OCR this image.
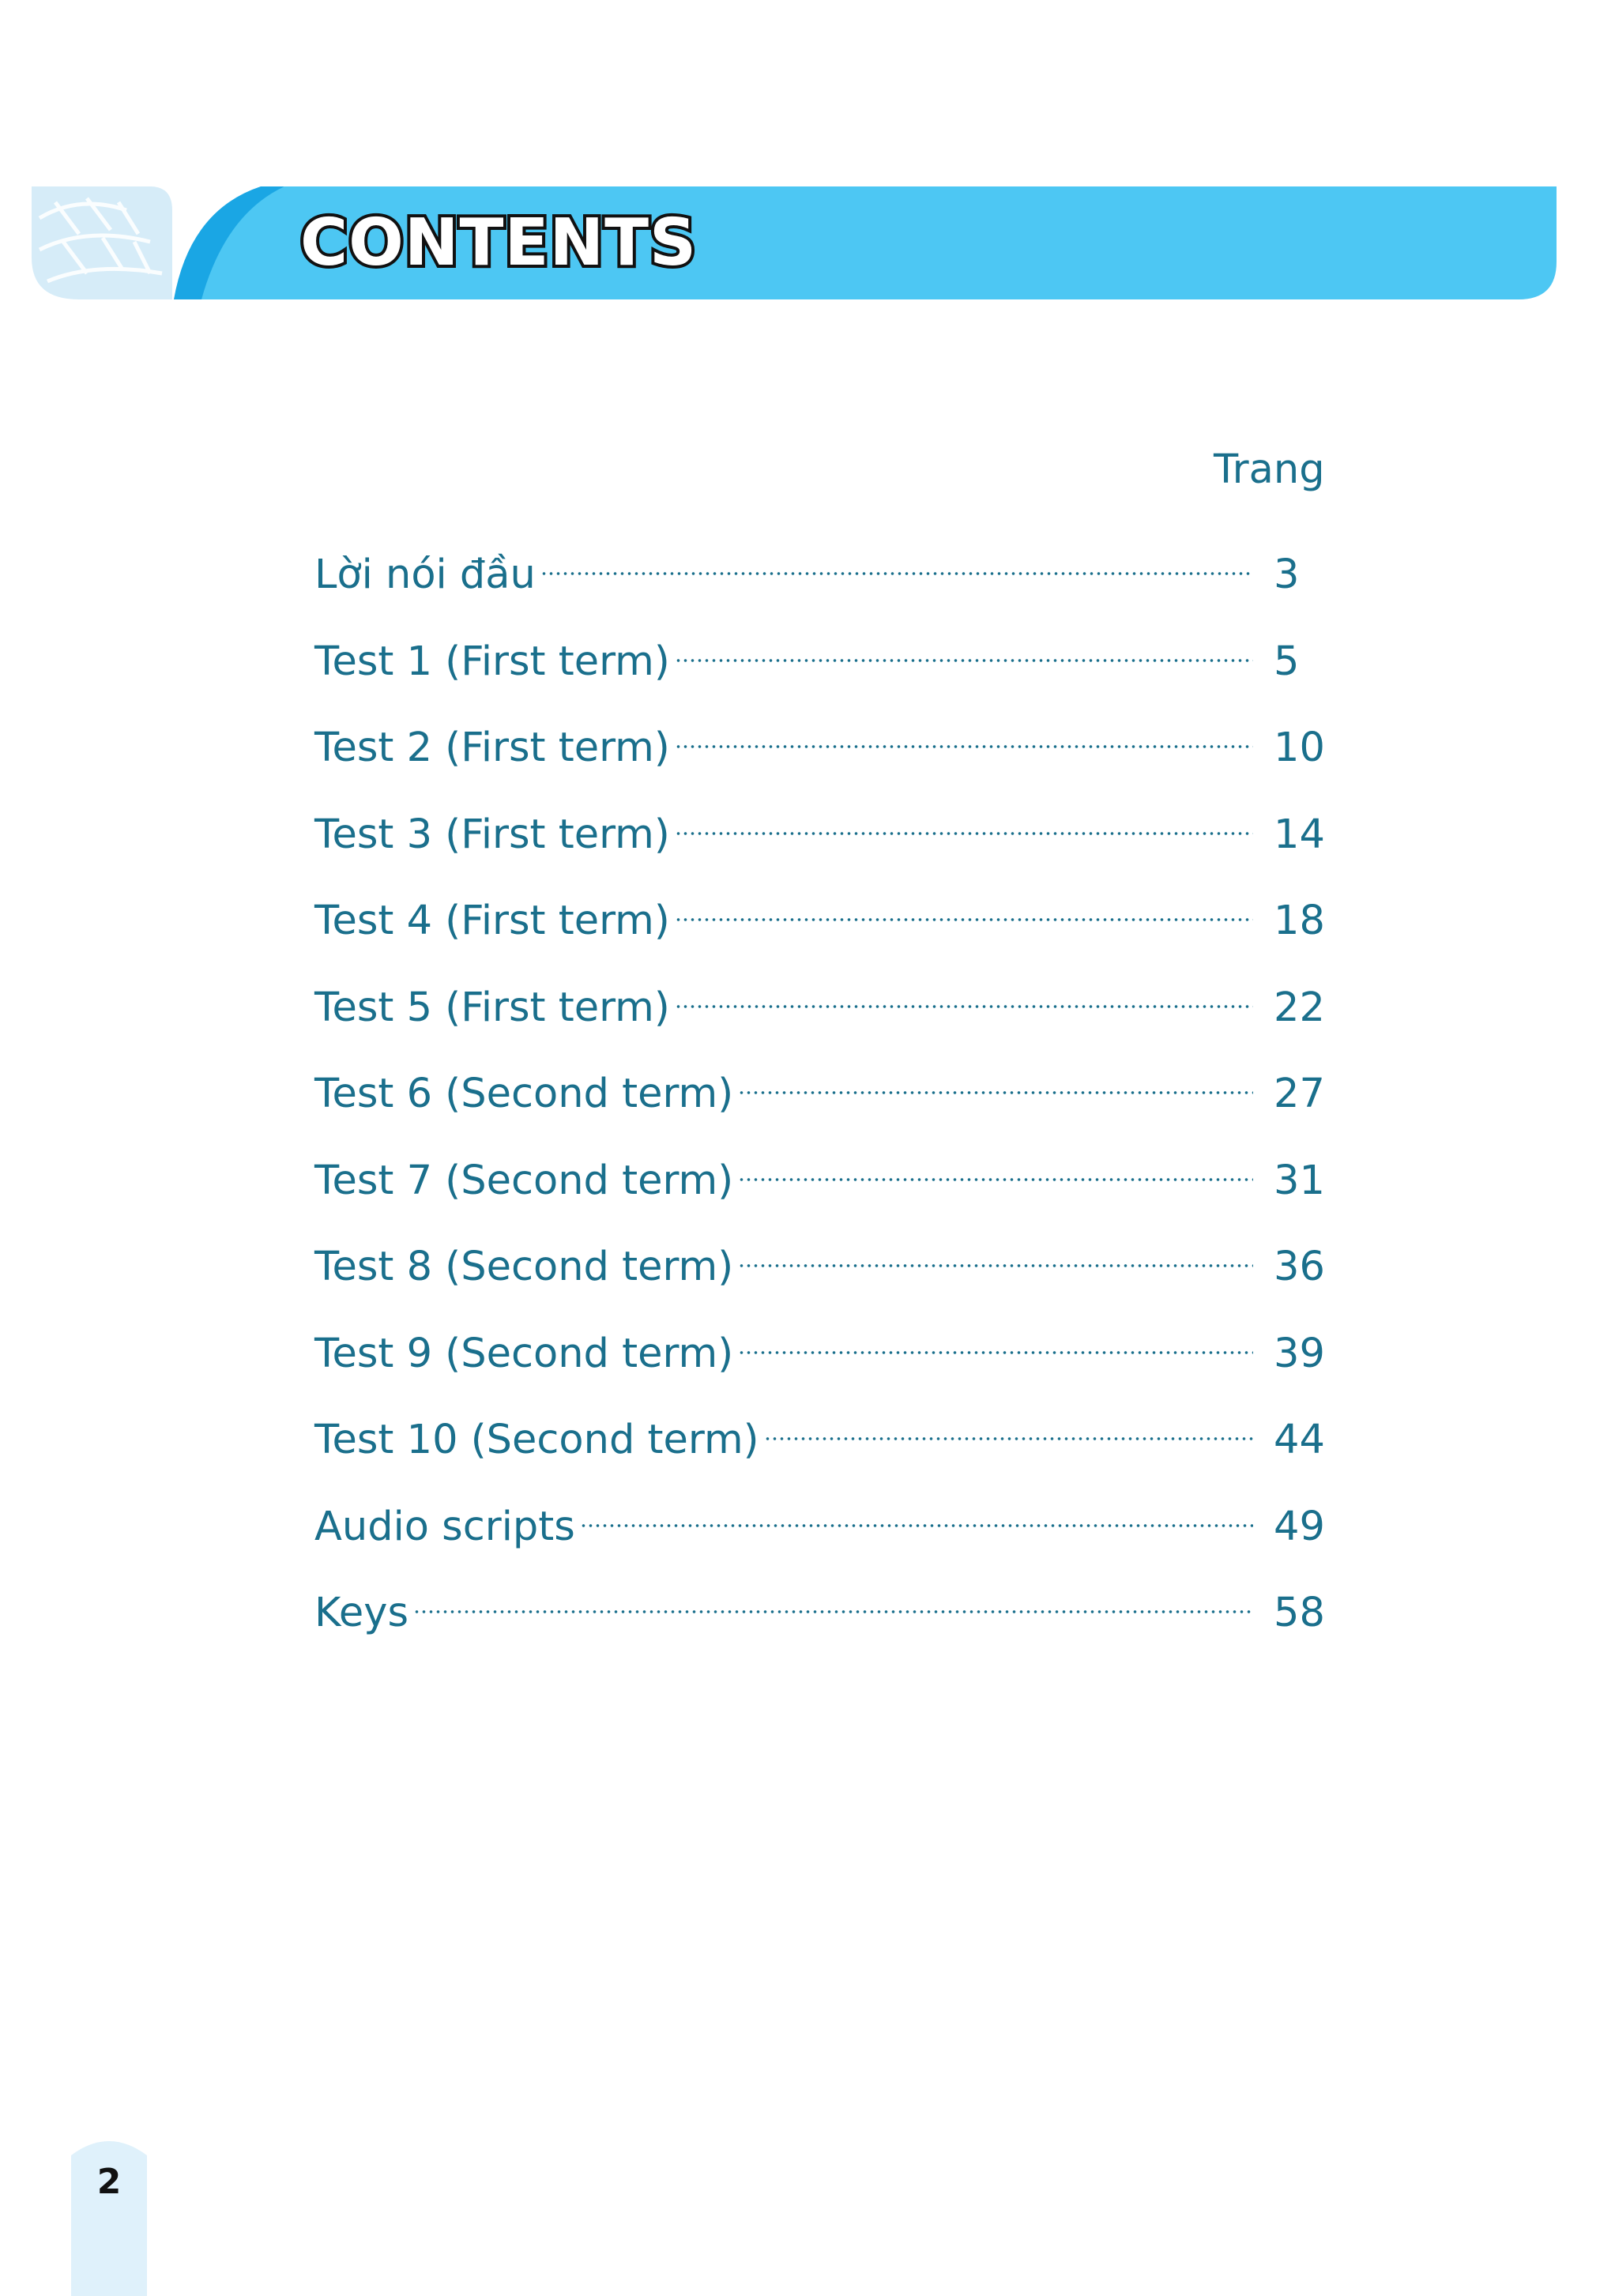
CONTENTS
Trang
Lời nói đầu	3
Test 1 (First term)	5
Test 2 (First term)	10
Test 3 (First term)	14
Test 4 (First term)	18
Test 5 (First term)	22
Test 6 (Second term)	27
Test 7 (Second term)	31
Test 8 (Second term)	36
Test 9 (Second term)	39
Test 10 (Second term)	44
Audio scripts	49
Keys	58
2
